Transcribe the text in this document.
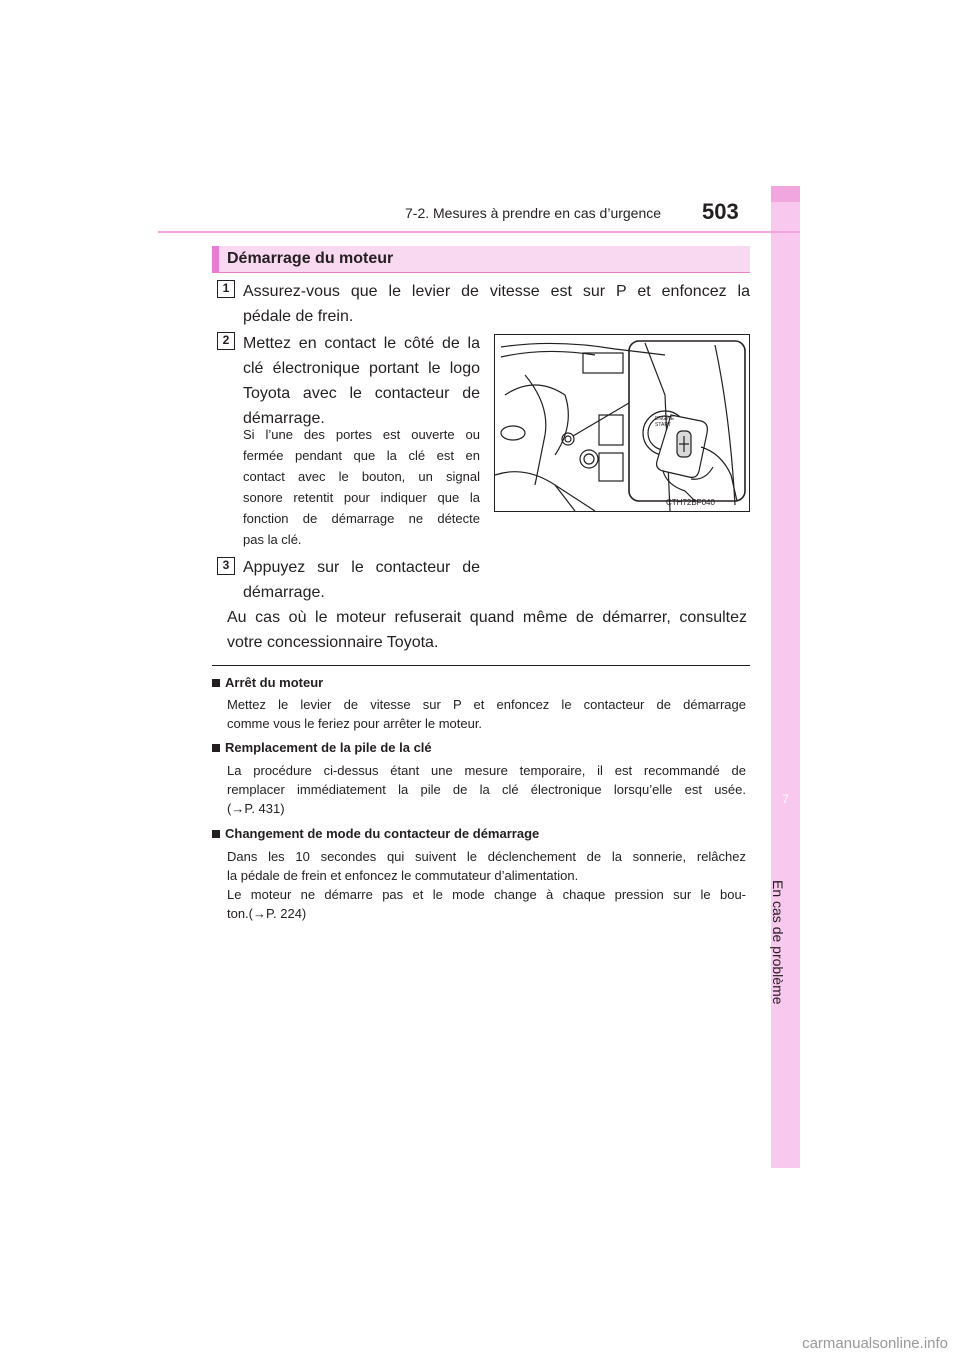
7
En cas de problème
7-2. Mesures à prendre en cas d’urgence 503
Démarrage du moteur
1 Assurez-vous que le levier de vitesse est sur P et enfoncez la
pédale de frein.
2 Mettez en contact le côté de la
clé électronique portant le logo
Toyota avec le contacteur de
démarrage.
Si l’une des portes est ouverte ou
fermée pendant que la clé est en
contact avec le bouton, un signal
sonore retentit pour indiquer que la
fonction de démarrage ne détecte
pas la clé.
ENGINE
START
CTH72BF040
3 Appuyez sur le contacteur de
démarrage.
Au cas où le moteur refuserait quand même de démarrer, consultez
votre concessionnaire Toyota.
Arrêt du moteur
Mettez le levier de vitesse sur P et enfoncez le contacteur de démarrage
comme vous le feriez pour arrêter le moteur.
Remplacement de la pile de la clé
La procédure ci-dessus étant une mesure temporaire, il est recommandé de
remplacer immédiatement la pile de la clé électronique lorsqu’elle est usée.
(→P. 431)
Changement de mode du contacteur de démarrage
Dans les 10 secondes qui suivent le déclenchement de la sonnerie, relâchez
la pédale de frein et enfoncez le commutateur d’alimentation.
Le moteur ne démarre pas et le mode change à chaque pression sur le bou-
ton.(→P. 224)
carmanualsonline.info
